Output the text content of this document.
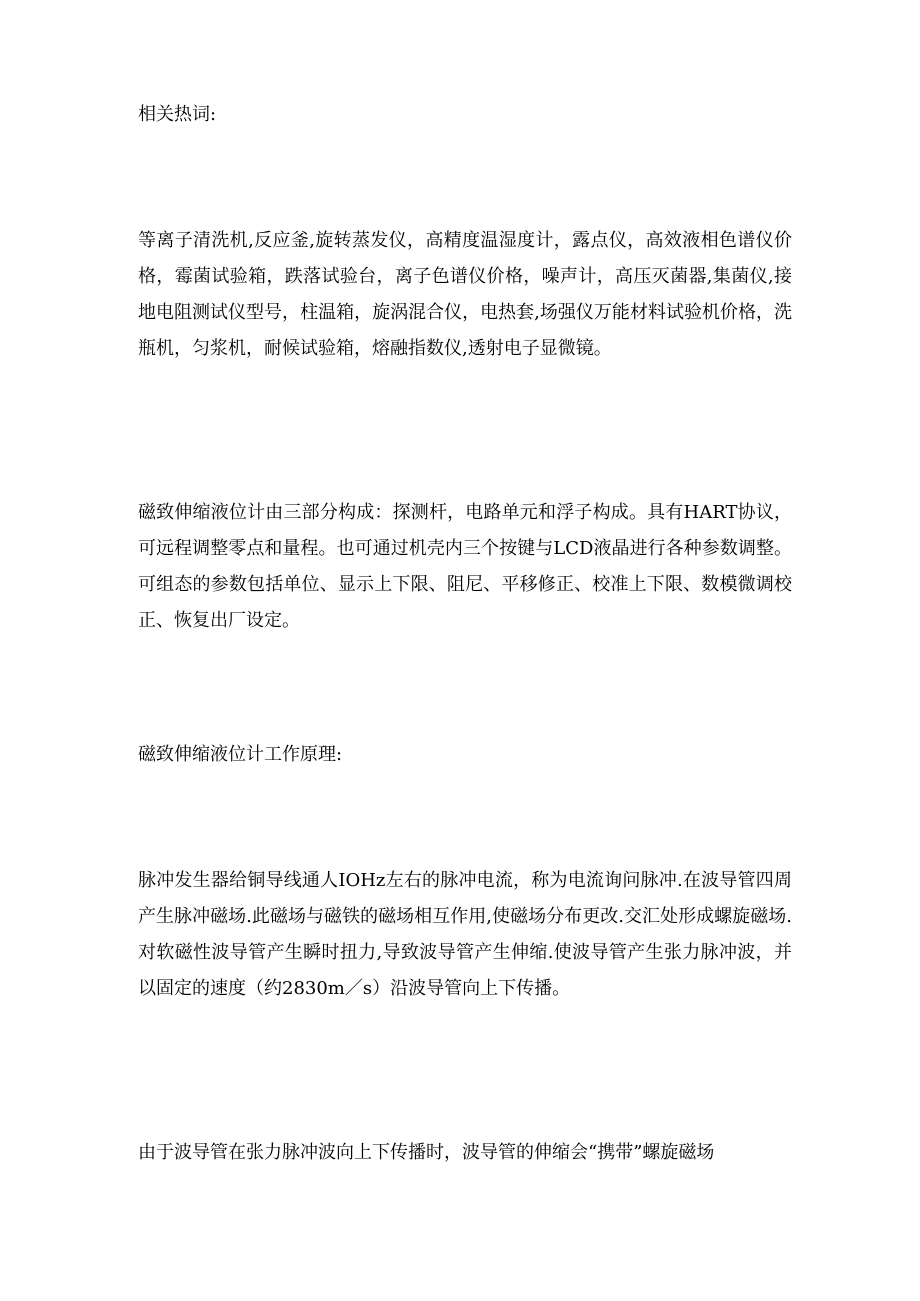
相关热词:

等离子清洗机,反应釜,旋转蒸发仪，高精度温湿度计，露点仪，高效液相色谱仪价格，霉菌试验箱，跌落试验台，离子色谱仪价格，噪声计，高压灭菌器,集菌仪,接地电阻测试仪型号，柱温箱，旋涡混合仪，电热套,场强仪万能材料试验机价格，洗瓶机，匀浆机，耐候试验箱，熔融指数仪,透射电子显微镜。

磁致伸缩液位计由三部分构成：探测杆，电路单元和浮子构成。具有HART协议，可远程调整零点和量程。也可通过机壳内三个按键与LCD液晶进行各种参数调整。可组态的参数包括单位、显示上下限、阻尼、平移修正、校准上下限、数模微调校正、恢复出厂设定。

磁致伸缩液位计工作原理:

脉冲发生器给铜导线通人IOHz左右的脉冲电流，称为电流询问脉冲.在波导管四周产生脉冲磁场.此磁场与磁铁的磁场相互作用,使磁场分布更改.交汇处形成螺旋磁场.对软磁性波导管产生瞬时扭力,导致波导管产生伸缩.使波导管产生张力脉冲波，并以固定的速度（约2830m／s）沿波导管向上下传播。

由于波导管在张力脉冲波向上下传播时，波导管的伸缩会“携带”螺旋磁场
